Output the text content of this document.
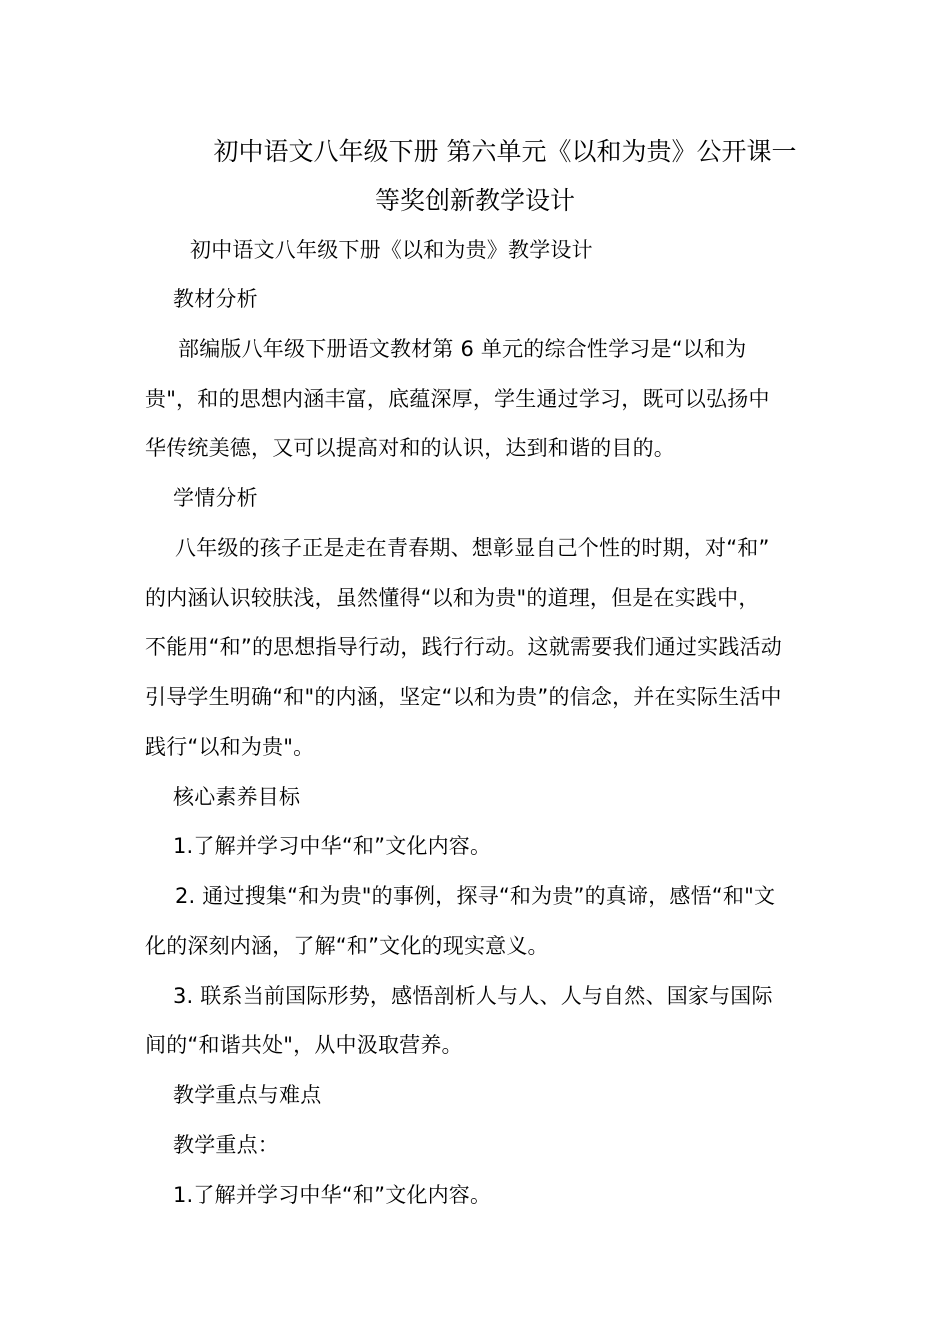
初中语文八年级下册 第六单元《以和为贵》公开课一
等奖创新教学设计
初中语文八年级下册《以和为贵》教学设计
教材分析
部编版八年级下册语文教材第 6 单元的综合性学习是“以和为
贵"，和的思想内涵丰富，底蕴深厚，学生通过学习，既可以弘扬中
华传统美德，又可以提高对和的认识，达到和谐的目的。
学情分析
八年级的孩子正是走在青春期、想彰显自己个性的时期，对“和”
的内涵认识较肤浅，虽然懂得“以和为贵"的道理，但是在实践中，
不能用“和”的思想指导行动，践行行动。这就需要我们通过实践活动
引导学生明确“和"的内涵，坚定“以和为贵”的信念，并在实际生活中
践行“以和为贵"。
核心素养目标
1.了解并学习中华“和”文化内容。
2. 通过搜集“和为贵"的事例，探寻“和为贵”的真谛，感悟“和"文
化的深刻内涵，了解“和”文化的现实意义。
3. 联系当前国际形势，感悟剖析人与人、人与自然、国家与国际
间的“和谐共处"，从中汲取营养。
教学重点与难点
教学重点：
1.了解并学习中华“和”文化内容。
